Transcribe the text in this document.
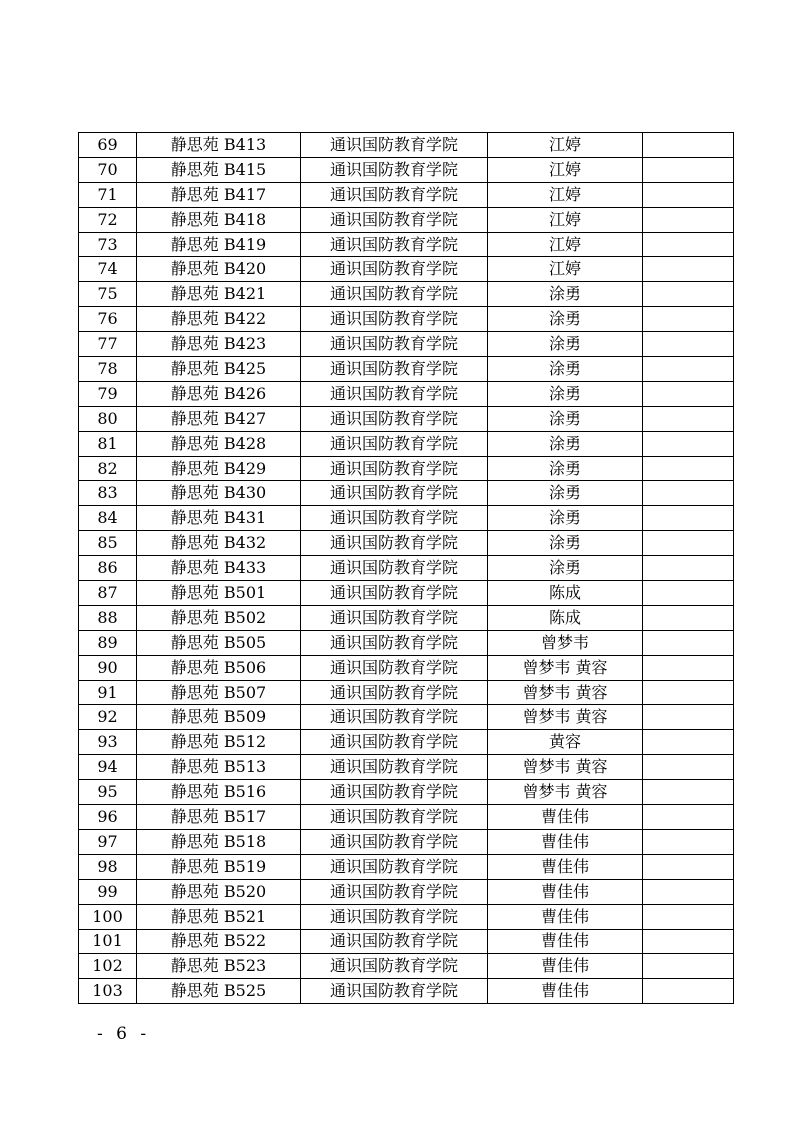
69	静思苑 B413	通识国防教育学院	江婷	
70	静思苑 B415	通识国防教育学院	江婷	
71	静思苑 B417	通识国防教育学院	江婷	
72	静思苑 B418	通识国防教育学院	江婷	
73	静思苑 B419	通识国防教育学院	江婷	
74	静思苑 B420	通识国防教育学院	江婷	
75	静思苑 B421	通识国防教育学院	涂勇	
76	静思苑 B422	通识国防教育学院	涂勇	
77	静思苑 B423	通识国防教育学院	涂勇	
78	静思苑 B425	通识国防教育学院	涂勇	
79	静思苑 B426	通识国防教育学院	涂勇	
80	静思苑 B427	通识国防教育学院	涂勇	
81	静思苑 B428	通识国防教育学院	涂勇	
82	静思苑 B429	通识国防教育学院	涂勇	
83	静思苑 B430	通识国防教育学院	涂勇	
84	静思苑 B431	通识国防教育学院	涂勇	
85	静思苑 B432	通识国防教育学院	涂勇	
86	静思苑 B433	通识国防教育学院	涂勇	
87	静思苑 B501	通识国防教育学院	陈成	
88	静思苑 B502	通识国防教育学院	陈成	
89	静思苑 B505	通识国防教育学院	曾梦韦	
90	静思苑 B506	通识国防教育学院	曾梦韦 黄容	
91	静思苑 B507	通识国防教育学院	曾梦韦 黄容	
92	静思苑 B509	通识国防教育学院	曾梦韦 黄容	
93	静思苑 B512	通识国防教育学院	黄容	
94	静思苑 B513	通识国防教育学院	曾梦韦 黄容	
95	静思苑 B516	通识国防教育学院	曾梦韦 黄容	
96	静思苑 B517	通识国防教育学院	曹佳伟	
97	静思苑 B518	通识国防教育学院	曹佳伟	
98	静思苑 B519	通识国防教育学院	曹佳伟	
99	静思苑 B520	通识国防教育学院	曹佳伟	
100	静思苑 B521	通识国防教育学院	曹佳伟	
101	静思苑 B522	通识国防教育学院	曹佳伟	
102	静思苑 B523	通识国防教育学院	曹佳伟	
103	静思苑 B525	通识国防教育学院	曹佳伟	
- 6 -
